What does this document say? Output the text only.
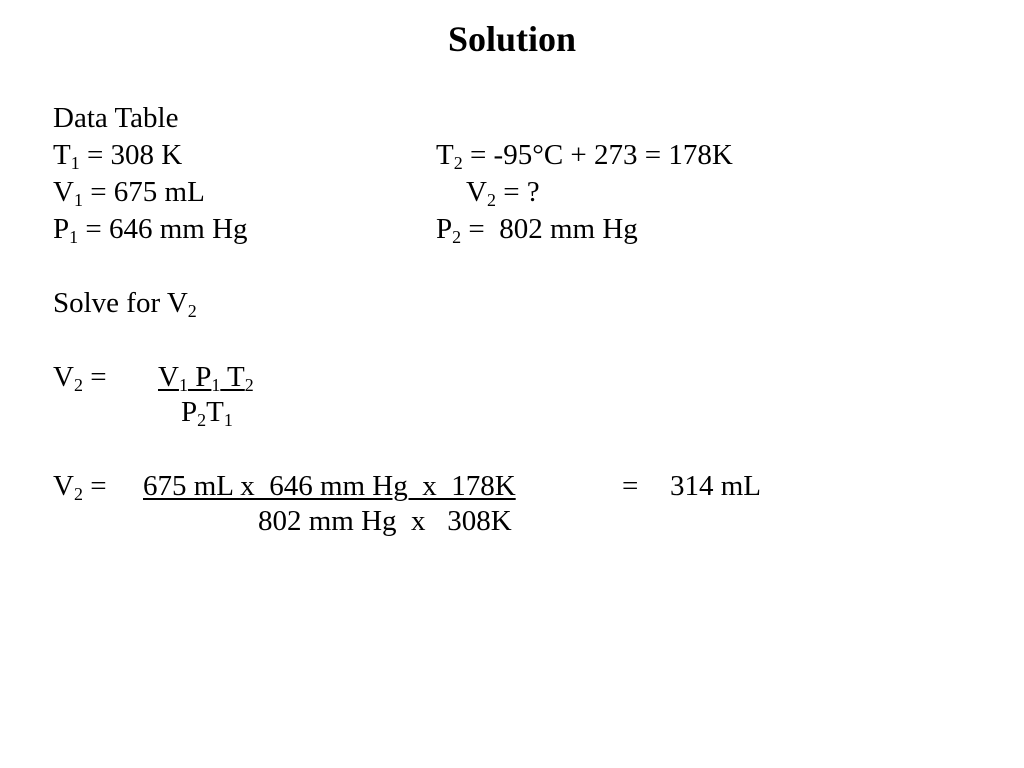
Solution
Data Table
$T_1 = 308$ K	$T_2 = -95^\circ C + 273 = 178K$
$V_1 = 675$ mL	$V_2$ = ?
$P_1 = 646$ mm Hg	$P_2 = 802$ mm Hg
Solve for $V_2$
$V_2 = V_1$ $P_1$ $T_2$
$P_2T_1$
$V_2 = 675$ mL x  646 mm Hg  x  178K	= 314 mL
802 mm Hg  x   308K
